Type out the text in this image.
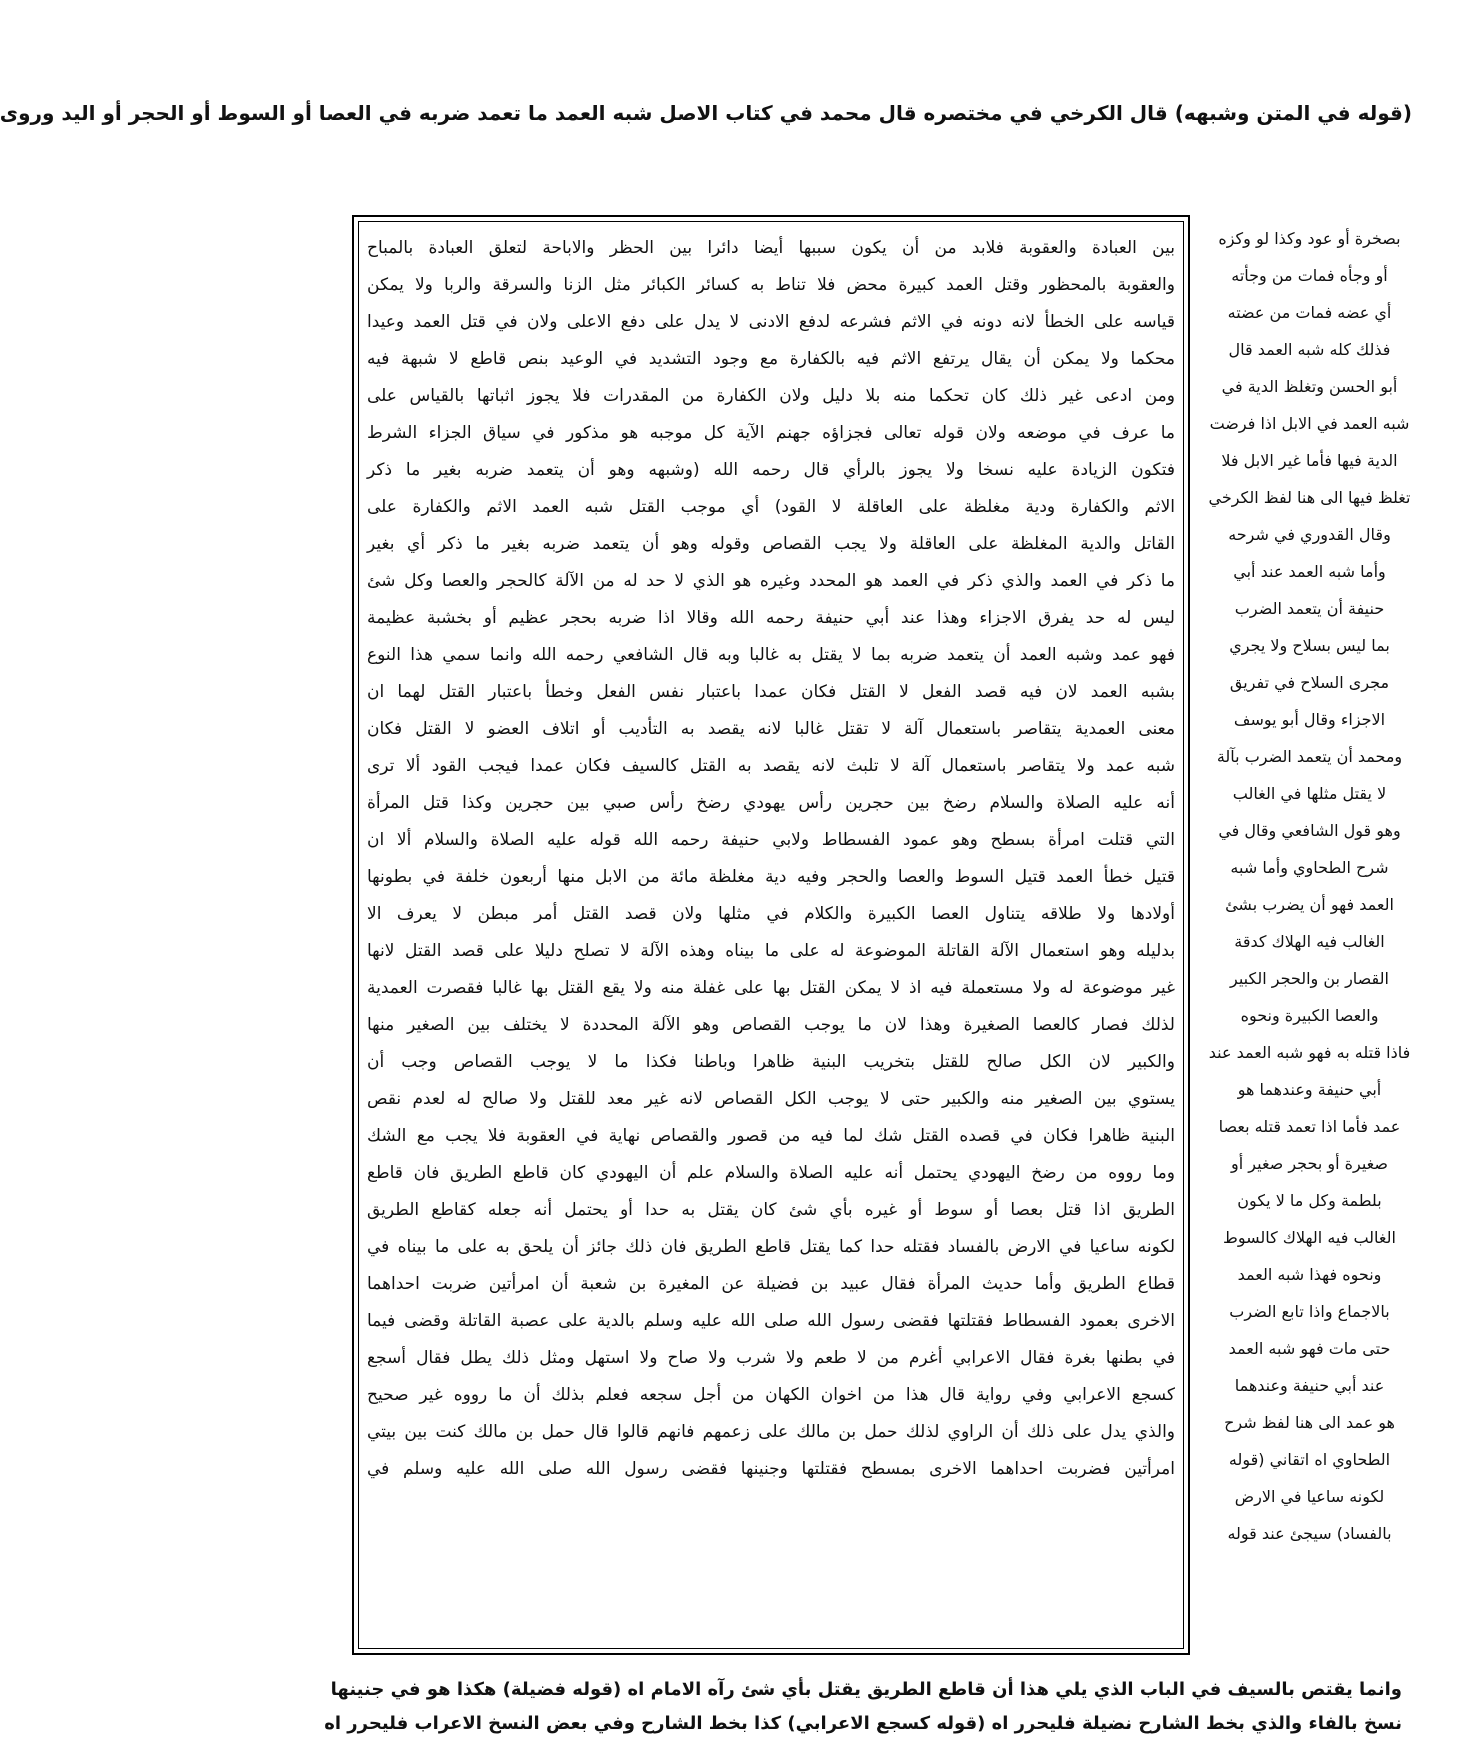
(قوله في المتن وشبهه) قال الكرخي في مختصره قال محمد في كتاب الاصل شبه العمد ما تعمد ضربه في العصا أو السوط أو الحجر أو اليد وروى
بين العبادة والعقوبة فلابد من أن يكون سببها أيضا دائرا بين الحظر والاباحة لتعلق العبادة بالمباح
والعقوبة بالمحظور وقتل العمد كبيرة محض فلا تناط به كسائر الكبائر مثل الزنا والسرقة والربا ولا يمكن
قياسه على الخطأ لانه دونه في الاثم فشرعه لدفع الادنى لا يدل على دفع الاعلى ولان في قتل العمد وعيدا
محكما ولا يمكن أن يقال يرتفع الاثم فيه بالكفارة مع وجود التشديد في الوعيد بنص قاطع لا شبهة فيه
ومن ادعى غير ذلك كان تحكما منه بلا دليل ولان الكفارة من المقدرات فلا يجوز اثباتها بالقياس على
ما عرف في موضعه ولان قوله تعالى فجزاؤه جهنم الآية كل موجبه هو مذكور في سياق الجزاء الشرط
فتكون الزيادة عليه نسخا ولا يجوز بالرأي قال رحمه الله (وشبهه وهو أن يتعمد ضربه بغير ما ذكر
الاثم والكفارة ودية مغلظة على العاقلة لا القود) أي موجب القتل شبه العمد الاثم والكفارة على
القاتل والدية المغلظة على العاقلة ولا يجب القصاص وقوله وهو أن يتعمد ضربه بغير ما ذكر أي بغير
ما ذكر في العمد والذي ذكر في العمد هو المحدد وغيره هو الذي لا حد له من الآلة كالحجر والعصا وكل شئ
ليس له حد يفرق الاجزاء وهذا عند أبي حنيفة رحمه الله وقالا اذا ضربه بحجر عظيم أو بخشبة عظيمة
فهو عمد وشبه العمد أن يتعمد ضربه بما لا يقتل به غالبا وبه قال الشافعي رحمه الله وانما سمي هذا النوع
بشبه العمد لان فيه قصد الفعل لا القتل فكان عمدا باعتبار نفس الفعل وخطأ باعتبار القتل لهما ان
معنى العمدية يتقاصر باستعمال آلة لا تقتل غالبا لانه يقصد به التأديب أو اتلاف العضو لا القتل فكان
شبه عمد ولا يتقاصر باستعمال آلة لا تلبث لانه يقصد به القتل كالسيف فكان عمدا فيجب القود ألا ترى
أنه عليه الصلاة والسلام رضخ بين حجرين رأس يهودي رضخ رأس صبي بين حجرين وكذا قتل المرأة
التي قتلت امرأة بسطح وهو عمود الفسطاط ولابي حنيفة رحمه الله قوله عليه الصلاة والسلام ألا ان
قتيل خطأ العمد قتيل السوط والعصا والحجر وفيه دية مغلظة مائة من الابل منها أربعون خلفة في بطونها
أولادها ولا طلاقه يتناول العصا الكبيرة والكلام في مثلها ولان قصد القتل أمر مبطن لا يعرف الا
بدليله وهو استعمال الآلة القاتلة الموضوعة له على ما بيناه وهذه الآلة لا تصلح دليلا على قصد القتل لانها
غير موضوعة له ولا مستعملة فيه اذ لا يمكن القتل بها على غفلة منه ولا يقع القتل بها غالبا فقصرت العمدية
لذلك فصار كالعصا الصغيرة وهذا لان ما يوجب القصاص وهو الآلة المحددة لا يختلف بين الصغير منها
والكبير لان الكل صالح للقتل بتخريب البنية ظاهرا وباطنا فكذا ما لا يوجب القصاص وجب أن
يستوي بين الصغير منه والكبير حتى لا يوجب الكل القصاص لانه غير معد للقتل ولا صالح له لعدم نقص
البنية ظاهرا فكان في قصده القتل شك لما فيه من قصور والقصاص نهاية في العقوبة فلا يجب مع الشك
وما رووه من رضخ اليهودي يحتمل أنه عليه الصلاة والسلام علم أن اليهودي كان قاطع الطريق فان قاطع
الطريق اذا قتل بعصا أو سوط أو غيره بأي شئ كان يقتل به حدا أو يحتمل أنه جعله كقاطع الطريق
لكونه ساعيا في الارض بالفساد فقتله حدا كما يقتل قاطع الطريق فان ذلك جائز أن يلحق به على ما بيناه في
قطاع الطريق وأما حديث المرأة فقال عبيد بن فضيلة عن المغيرة بن شعبة أن امرأتين ضربت احداهما
الاخرى بعمود الفسطاط فقتلتها فقضى رسول الله صلى الله عليه وسلم بالدية على عصبة القاتلة وقضى فيما
في بطنها بغرة فقال الاعرابي أغرم من لا طعم ولا شرب ولا صاح ولا استهل ومثل ذلك يطل فقال أسجع
كسجع الاعرابي وفي رواية قال هذا من اخوان الكهان من أجل سجعه فعلم بذلك أن ما رووه غير صحيح
والذي يدل على ذلك أن الراوي لذلك حمل بن مالك على زعمهم فانهم قالوا قال حمل بن مالك كنت بين بيتي
امرأتين فضربت احداهما الاخرى بمسطح فقتلتها وجنينها فقضى رسول الله صلى الله عليه وسلم في
بصخرة أو عود وكذا لو وكزه
أو وجأه فمات من وجأته
أي عضه فمات من عضته
فذلك كله شبه العمد قال
أبو الحسن وتغلظ الدية في
شبه العمد في الابل اذا فرضت
الدية فيها فأما غير الابل فلا
تغلظ فيها الى هنا لفظ الكرخي
وقال القدوري في شرحه
وأما شبه العمد عند أبي
حنيفة أن يتعمد الضرب
بما ليس بسلاح ولا يجري
مجرى السلاح في تفريق
الاجزاء وقال أبو يوسف
ومحمد أن يتعمد الضرب بآلة
لا يقتل مثلها في الغالب
وهو قول الشافعي وقال في
شرح الطحاوي وأما شبه
العمد فهو أن يضرب بشئ
الغالب فيه الهلاك كدقة
القصار بن والحجر الكبير
والعصا الكبيرة ونحوه
فاذا قتله به فهو شبه العمد عند
أبي حنيفة وعندهما هو
عمد فأما اذا تعمد قتله بعصا
صغيرة أو بحجر صغير أو
بلطمة وكل ما لا يكون
الغالب فيه الهلاك كالسوط
ونحوه فهذا شبه العمد
بالاجماع واذا تابع الضرب
حتى مات فهو شبه العمد
عند أبي حنيفة وعندهما
هو عمد الى هنا لفظ شرح
الطحاوي اه اتقاني (قوله
لكونه ساعيا في الارض
بالفساد) سيجئ عند قوله
وانما يقتص بالسيف في الباب الذي يلي هذا أن قاطع الطريق يقتل بأي شئ رآه الامام اه (قوله فضيلة) هكذا هو في جنينها
نسخ بالفاء والذي بخط الشارح نضيلة فليحرر اه (قوله كسجع الاعرابي) كذا بخط الشارح وفي بعض النسخ الاعراب فليحرر اه
